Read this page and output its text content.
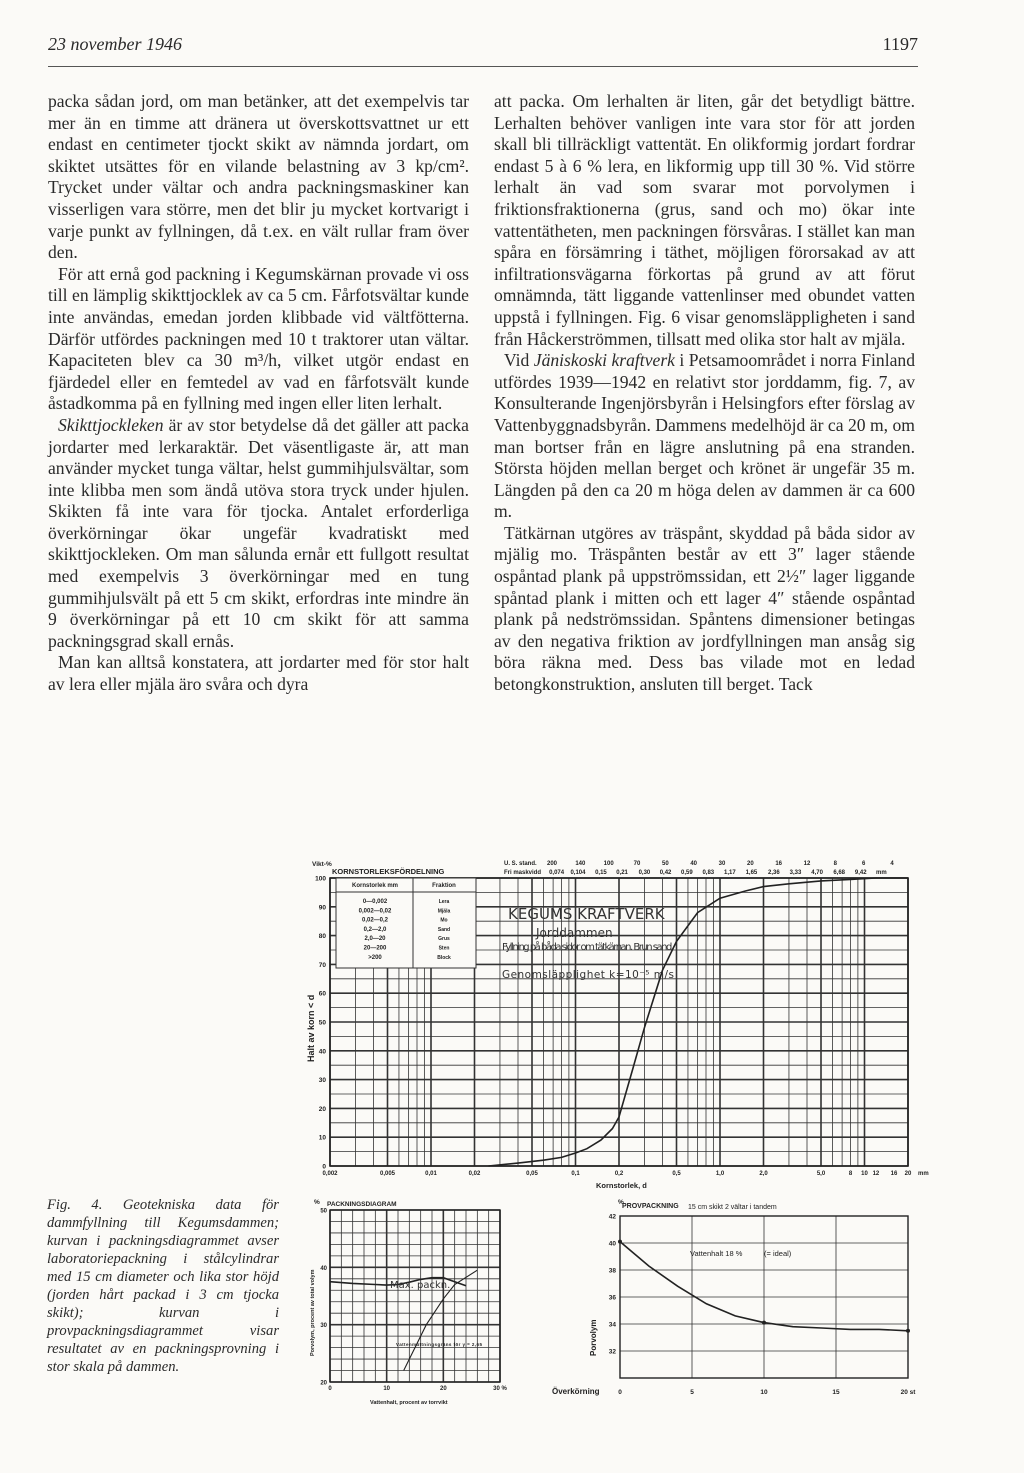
23 november 1946	1197

packa sådan jord, om man betänker, att det exempelvis tar mer än en timme att dränera ut överskottsvattnet ur ett endast en centimeter tjockt skikt av nämnda jordart, om skiktet utsättes för en vilande belastning av 3 kp/cm². Trycket under vältar och andra packningsmaskiner kan visserligen vara större, men det blir ju mycket kortvarigt i varje punkt av fyllningen, då t.ex. en vält rullar fram över den.

För att ernå god packning i Kegumskärnan provade vi oss till en lämplig skikttjocklek av ca 5 cm. Fårfotsvältar kunde inte användas, emedan jorden klibbade vid vältfötterna. Därför utfördes packningen med 10 t traktorer utan vältar. Kapaciteten blev ca 30 m³/h, vilket utgör endast en fjärdedel eller en femtedel av vad en fårfotsvält kunde åstadkomma på en fyllning med ingen eller liten lerhalt.

Skikttjockleken är av stor betydelse då det gäller att packa jordarter med lerkaraktär. Det väsentligaste är, att man använder mycket tunga vältar, helst gummihjulsvältar, som inte klibba men som ändå utöva stora tryck under hjulen. Skikten få inte vara för tjocka. Antalet erforderliga överkörningar ökar ungefär kvadratiskt med skikttjockleken. Om man sålunda ernår ett fullgott resultat med exempelvis 3 överkörningar med en tung gummihjulsvält på ett 5 cm skikt, erfordras inte mindre än 9 överkörningar på ett 10 cm skikt för att samma packningsgrad skall ernås.

Man kan alltså konstatera, att jordarter med för stor halt av lera eller mjäla äro svåra och dyra

att packa. Om lerhalten är liten, går det betydligt bättre. Lerhalten behöver vanligen inte vara stor för att jorden skall bli tillräckligt vattentät. En olikformig jordart fordrar endast 5 à 6 % lera, en likformig upp till 30 %. Vid större lerhalt än vad som svarar mot porvolymen i friktionsfraktionerna (grus, sand och mo) ökar inte vattentätheten, men packningen försvåras. I stället kan man spåra en försämring i täthet, möjligen förorsakad av att infiltrationsvägarna förkortas på grund av att förut omnämnda, tätt liggande vattenlinser med obundet vatten uppstå i fyllningen. Fig. 6 visar genomsläppligheten i sand från Håckerströmmen, tillsatt med olika stor halt av mjäla.

Vid Jäniskoski kraftverk i Petsamoområdet i norra Finland utfördes 1939—1942 en relativt stor jorddamm, fig. 7, av Konsulterande Ingenjörsbyrån i Helsingfors efter förslag av Vattenbyggnadsbyrån. Dammens medelhöjd är ca 20 m, om man bortser från en lägre anslutning på ena stranden. Största höjden mellan berget och krönet är ungefär 35 m. Längden på den ca 20 m höga delen av dammen är ca 600 m.

Tätkärnan utgöres av träspånt, skyddad på båda sidor av mjälig mo. Träspånten består av ett 3″ lager stående ospåntad plank på uppströmssidan, ett 2½″ lager liggande spåntad plank i mitten och ett lager 4″ stående ospåntad plank på nedströmssidan. Spåntens dimensioner betingas av den negativa friktion av jordfyllningen man ansåg sig böra räkna med. Dess bas vilade mot en ledad betongkonstruktion, ansluten till berget. Tack

0
10
20
30
40
50
60
70
80
90
100
0,002	0,005	0,01	0,02	0,05	0,1	0,2	0,5	1,0	2,0	5,0	8 10 12 16 20 mm
200	140	100	70	50	40	30	20	16	12	8	6	4
0,074 0,104 0,15 0,21 0,30 0,42 0,59 0,83 1,17 1,65 2,36 3,33 4,70 6,68 9,42 mm
Vikt-%
KORNSTORLEKSFÖRDELNING
U. S. stand.
Fri maskvidd
Halt av korn < d
Kornstorlek, d
Kornstorlek mm	Fraktion
0—0,002	Lera
0,002—0,02	Mjäla
0,02—0,2	Mo
0,2—2,0	Sand
2,0—20	Grus
20—200	Sten
>200	Block
KEGUMS KRAFTVERK
Jorddammen
Fyllning på båda sidor om tätkärnan. Brun sand.
Genomsläpplighet k=10⁻⁵ m/s
Fig. 4. Geotekniska data för dammfyllning till Kegumsdammen; kurvan i packningsdiagrammet avser laboratoriepackning i stålcylindrar med 15 cm diameter och lika stor höjd (jorden hårt packad i 3 cm tjocka skikt); kurvan i provpackningsdiagrammet visar resultatet av en packningsprovning i stor skala på dammen.
20
30
40
50
0	10	20	30 %
% PACKNINGSDIAGRAM
Porvolym, procent av total volym
Vattenhalt, procent av torrvikt
Max. packn.
Vattenmättningsgräns för γ = 2,65
32
34
36
38
40
42
0	5	10	15	20 st
%
PROVPACKNING 15 cm skikt 2 vältar i tandem
Porvolym
Överkörning
Vattenhalt 18 %	(= ideal)
